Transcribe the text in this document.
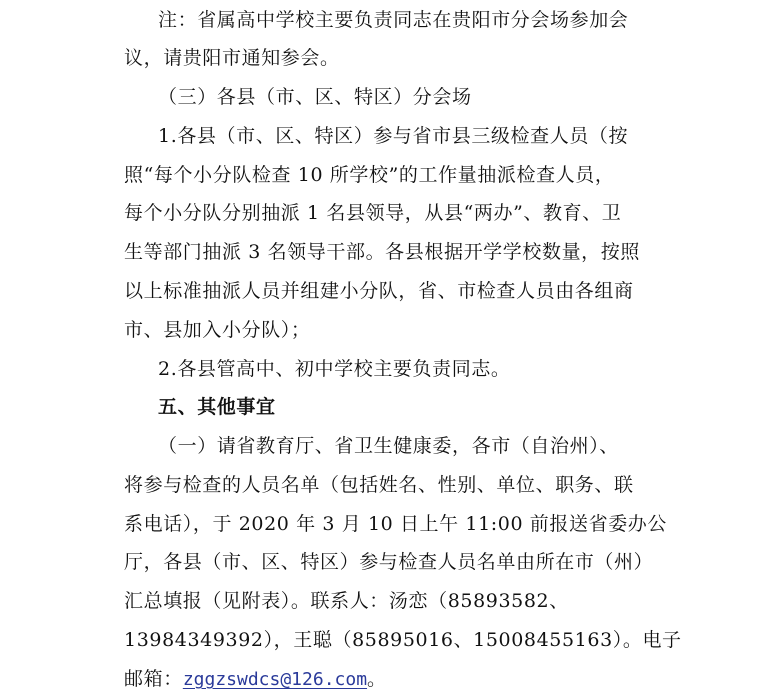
注：省属高中学校主要负责同志在贵阳市分会场参加会
议，请贵阳市通知参会。
（三）各县（市、区、特区）分会场
1.各县（市、区、特区）参与省市县三级检查人员（按
照“每个小分队检查 10 所学校”的工作量抽派检查人员，
每个小分队分别抽派 1 名县领导，从县“两办”、教育、卫
生等部门抽派 3 名领导干部。各县根据开学学校数量，按照
以上标准抽派人员并组建小分队，省、市检查人员由各组商
市、县加入小分队）；
2.各县管高中、初中学校主要负责同志。
五、其他事宜
（一）请省教育厅、省卫生健康委，各市（自治州）、
将参与检查的人员名单（包括姓名、性别、单位、职务、联
系电话），于 2020 年 3 月 10 日上午 11:00 前报送省委办公
厅，各县（市、区、特区）参与检查人员名单由所在市（州）
汇总填报（见附表）。联系人：汤恋（85893582、
13984349392），王聪（85895016、15008455163）。电子
邮箱：zggzswdcs@126.com。
